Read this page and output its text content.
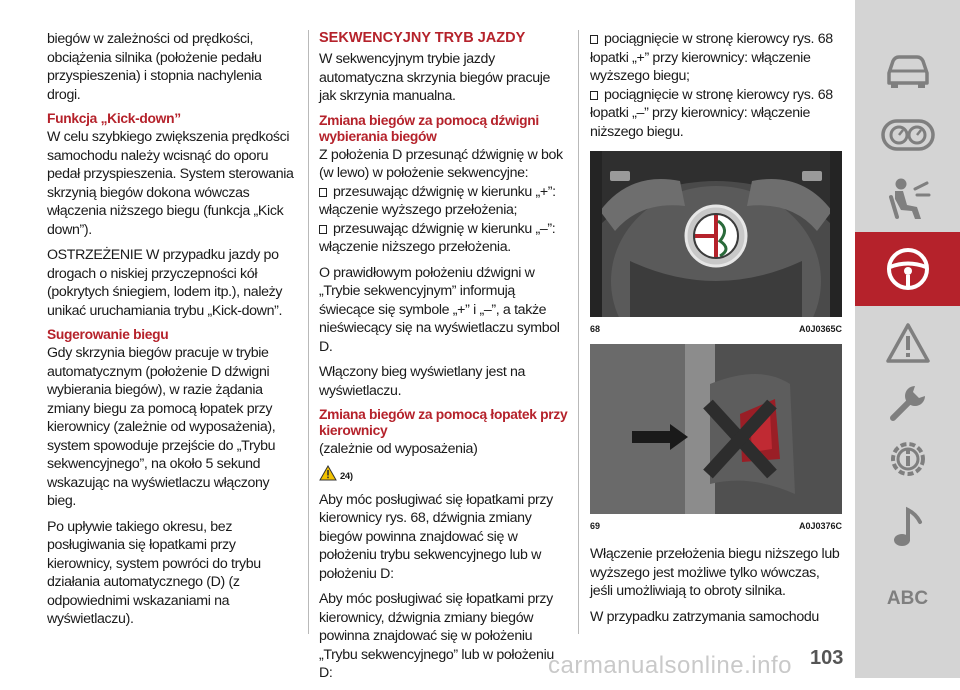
biegów w zależności od prędkości, obciążenia silnika (położenie pedału przyspieszenia) i stopnia nachylenia drogi.

Funkcja „Kick-down”

W celu szybkiego zwiększenia prędkości samochodu należy wcisnąć do oporu pedał przyspieszenia. System sterowania skrzynią biegów dokona wówczas włączenia niższego biegu (funkcja „Kick down”).

OSTRZEŻENIE W przypadku jazdy po drogach o niskiej przyczepności kół (pokrytych śniegiem, lodem itp.), należy unikać uruchamiania trybu „Kick-down”.

Sugerowanie biegu

Gdy skrzynia biegów pracuje w trybie automatycznym (położenie D dźwigni wybierania biegów), w razie żądania zmiany biegu za pomocą łopatek przy kierownicy (zależnie od wyposażenia), system spowoduje przejście do „Trybu sekwencyjnego”, na około 5 sekund wskazując na wyświetlaczu włączony bieg.

Po upływie takiego okresu, bez posługiwania się łopatkami przy kierownicy, system powróci do trybu działania automatycznego (D) (z odpowiednimi wskazaniami na wyświetlaczu).

SEKWENCYJNY TRYB JAZDY

W sekwencyjnym trybie jazdy automatyczna skrzynia biegów pracuje jak skrzynia manualna.

Zmiana biegów za pomocą dźwigni wybierania biegów
Z położenia D przesunąć dźwignię w bok (w lewo) w położenie sekwencyjne:
przesuwając dźwignię w kierunku „+”: włączenie wyższego przełożenia;

przesuwając dźwignię w kierunku „–”: włączenie niższego przełożenia.

O prawidłowym położeniu dźwigni w „Trybie sekwencyjnym” informują świecące się symbole „+” i „–”, a także nieświecący się na wyświetlaczu symbol D.

Włączony bieg wyświetlany jest na wyświetlaczu.

Zmiana biegów za pomocą łopatek przy kierownicy
(zależnie od wyposażenia)
24)

Aby móc posługiwać się łopatkami przy kierownicy rys. 68, dźwignia zmiany biegów powinna znajdować się w położeniu trybu sekwencyjnego lub w położeniu D:

Aby móc posługiwać się łopatkami przy kierownicy, dźwignia zmiany biegów powinna znajdować się w położeniu „Trybu sekwencyjnego” lub w położeniu D:

pociągnięcie w stronę kierowcy rys. 68 łopatki „+” przy kierownicy: włączenie wyższego biegu;
pociągnięcie w stronę kierowcy rys. 68 łopatki „–” przy kierownicy: włączenie niższego biegu.
68	A0J0365C
69	A0J0376C

Włączenie przełożenia biegu niższego lub wyższego jest możliwe tylko wówczas, jeśli umożliwiają to obroty silnika.

W przypadku zatrzymania samochodu

ABC
carmanualsonline.info 103
